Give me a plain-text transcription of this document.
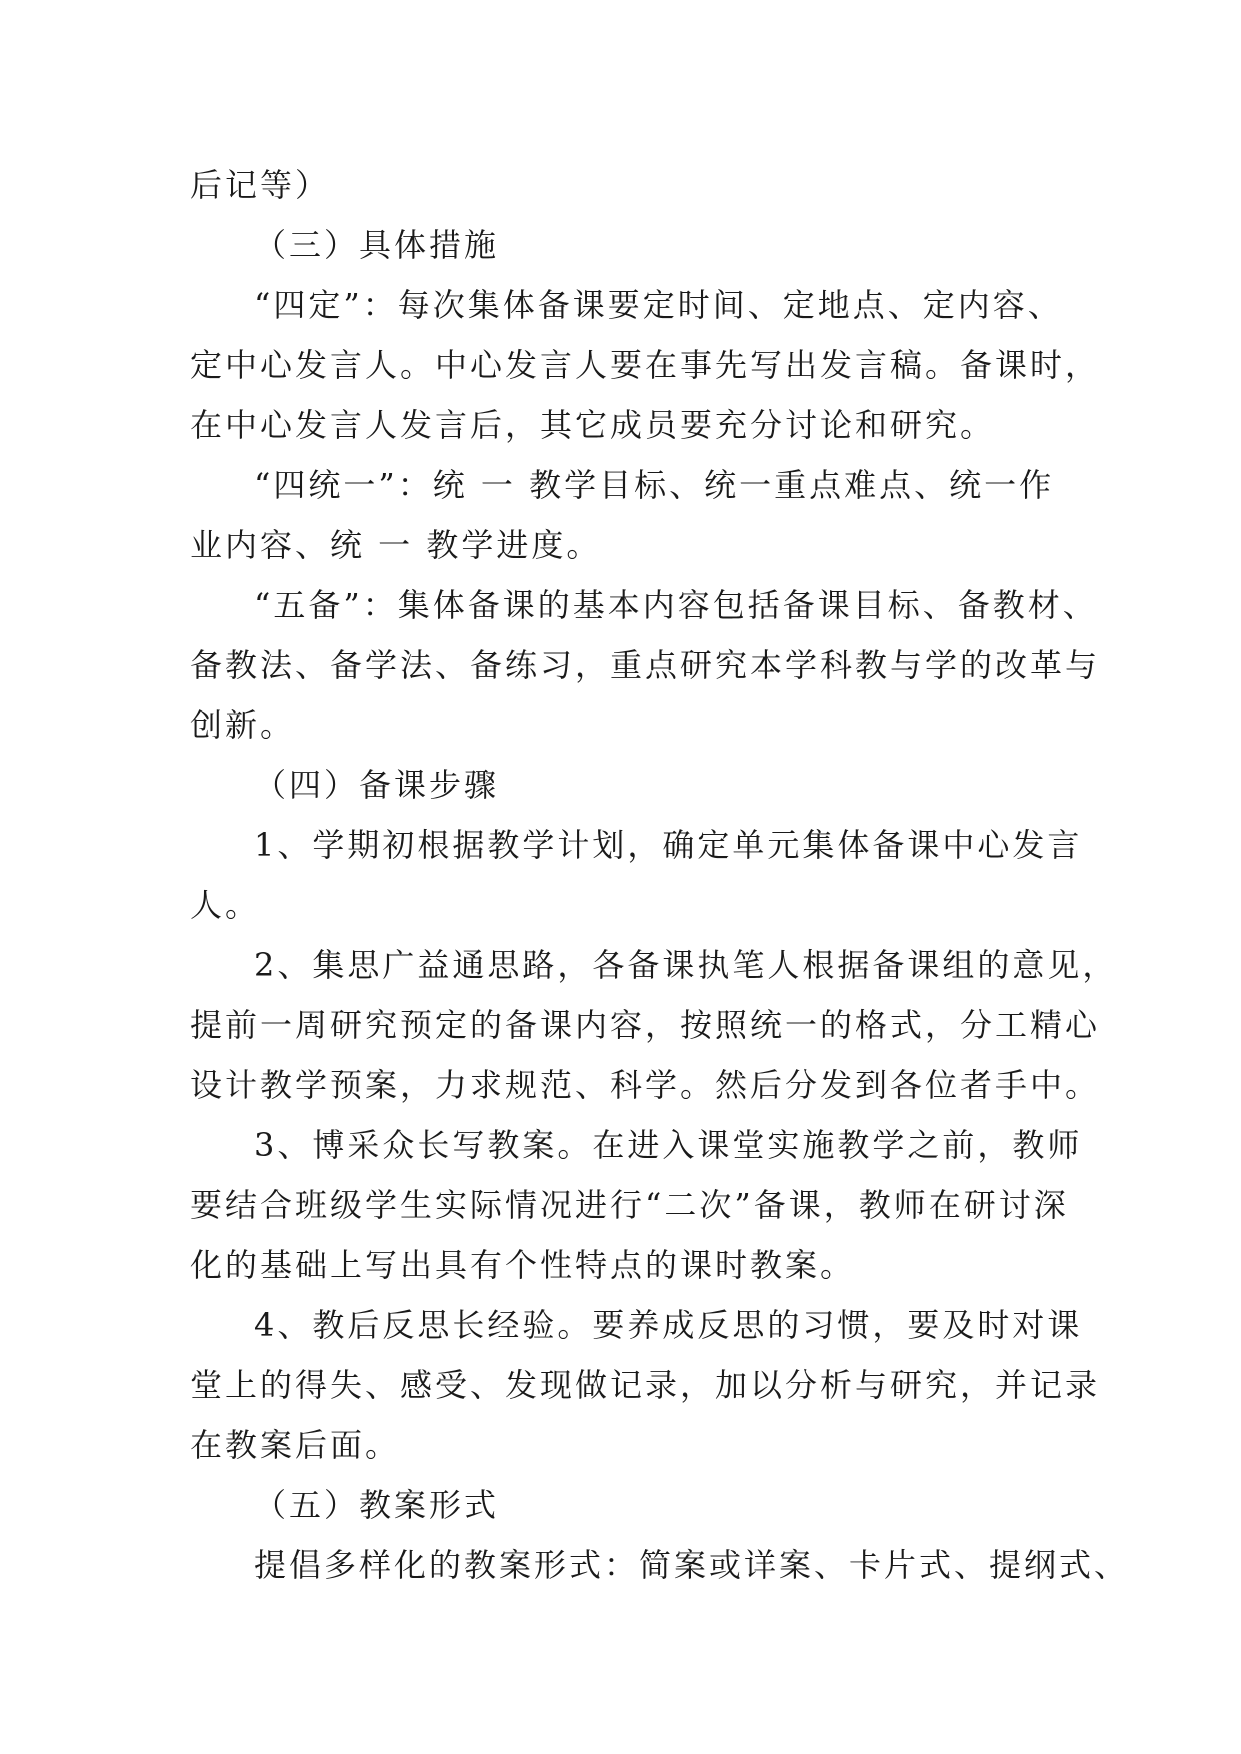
后记等）
（三）具体措施
“四定”：每次集体备课要定时间、定地点、定内容、
定中心发言人。中心发言人要在事先写出发言稿。备课时，
在中心发言人发言后，其它成员要充分讨论和研究。
“四统一”：统 一 教学目标、统一重点难点、统一作
业内容、统 一 教学进度。
“五备”：集体备课的基本内容包括备课目标、备教材、
备教法、备学法、备练习，重点研究本学科教与学的改革与
创新。
（四）备课步骤
1、学期初根据教学计划，确定单元集体备课中心发言
人。
2、集思广益通思路，各备课执笔人根据备课组的意见，
提前一周研究预定的备课内容，按照统一的格式，分工精心
设计教学预案，力求规范、科学。然后分发到各位者手中。
3、博采众长写教案。在进入课堂实施教学之前，教师
要结合班级学生实际情况进行“二次”备课，教师在研讨深
化的基础上写出具有个性特点的课时教案。
4、教后反思长经验。要养成反思的习惯，要及时对课
堂上的得失、感受、发现做记录，加以分析与研究，并记录
在教案后面。
（五）教案形式
提倡多样化的教案形式：简案或详案、卡片式、提纲式、
